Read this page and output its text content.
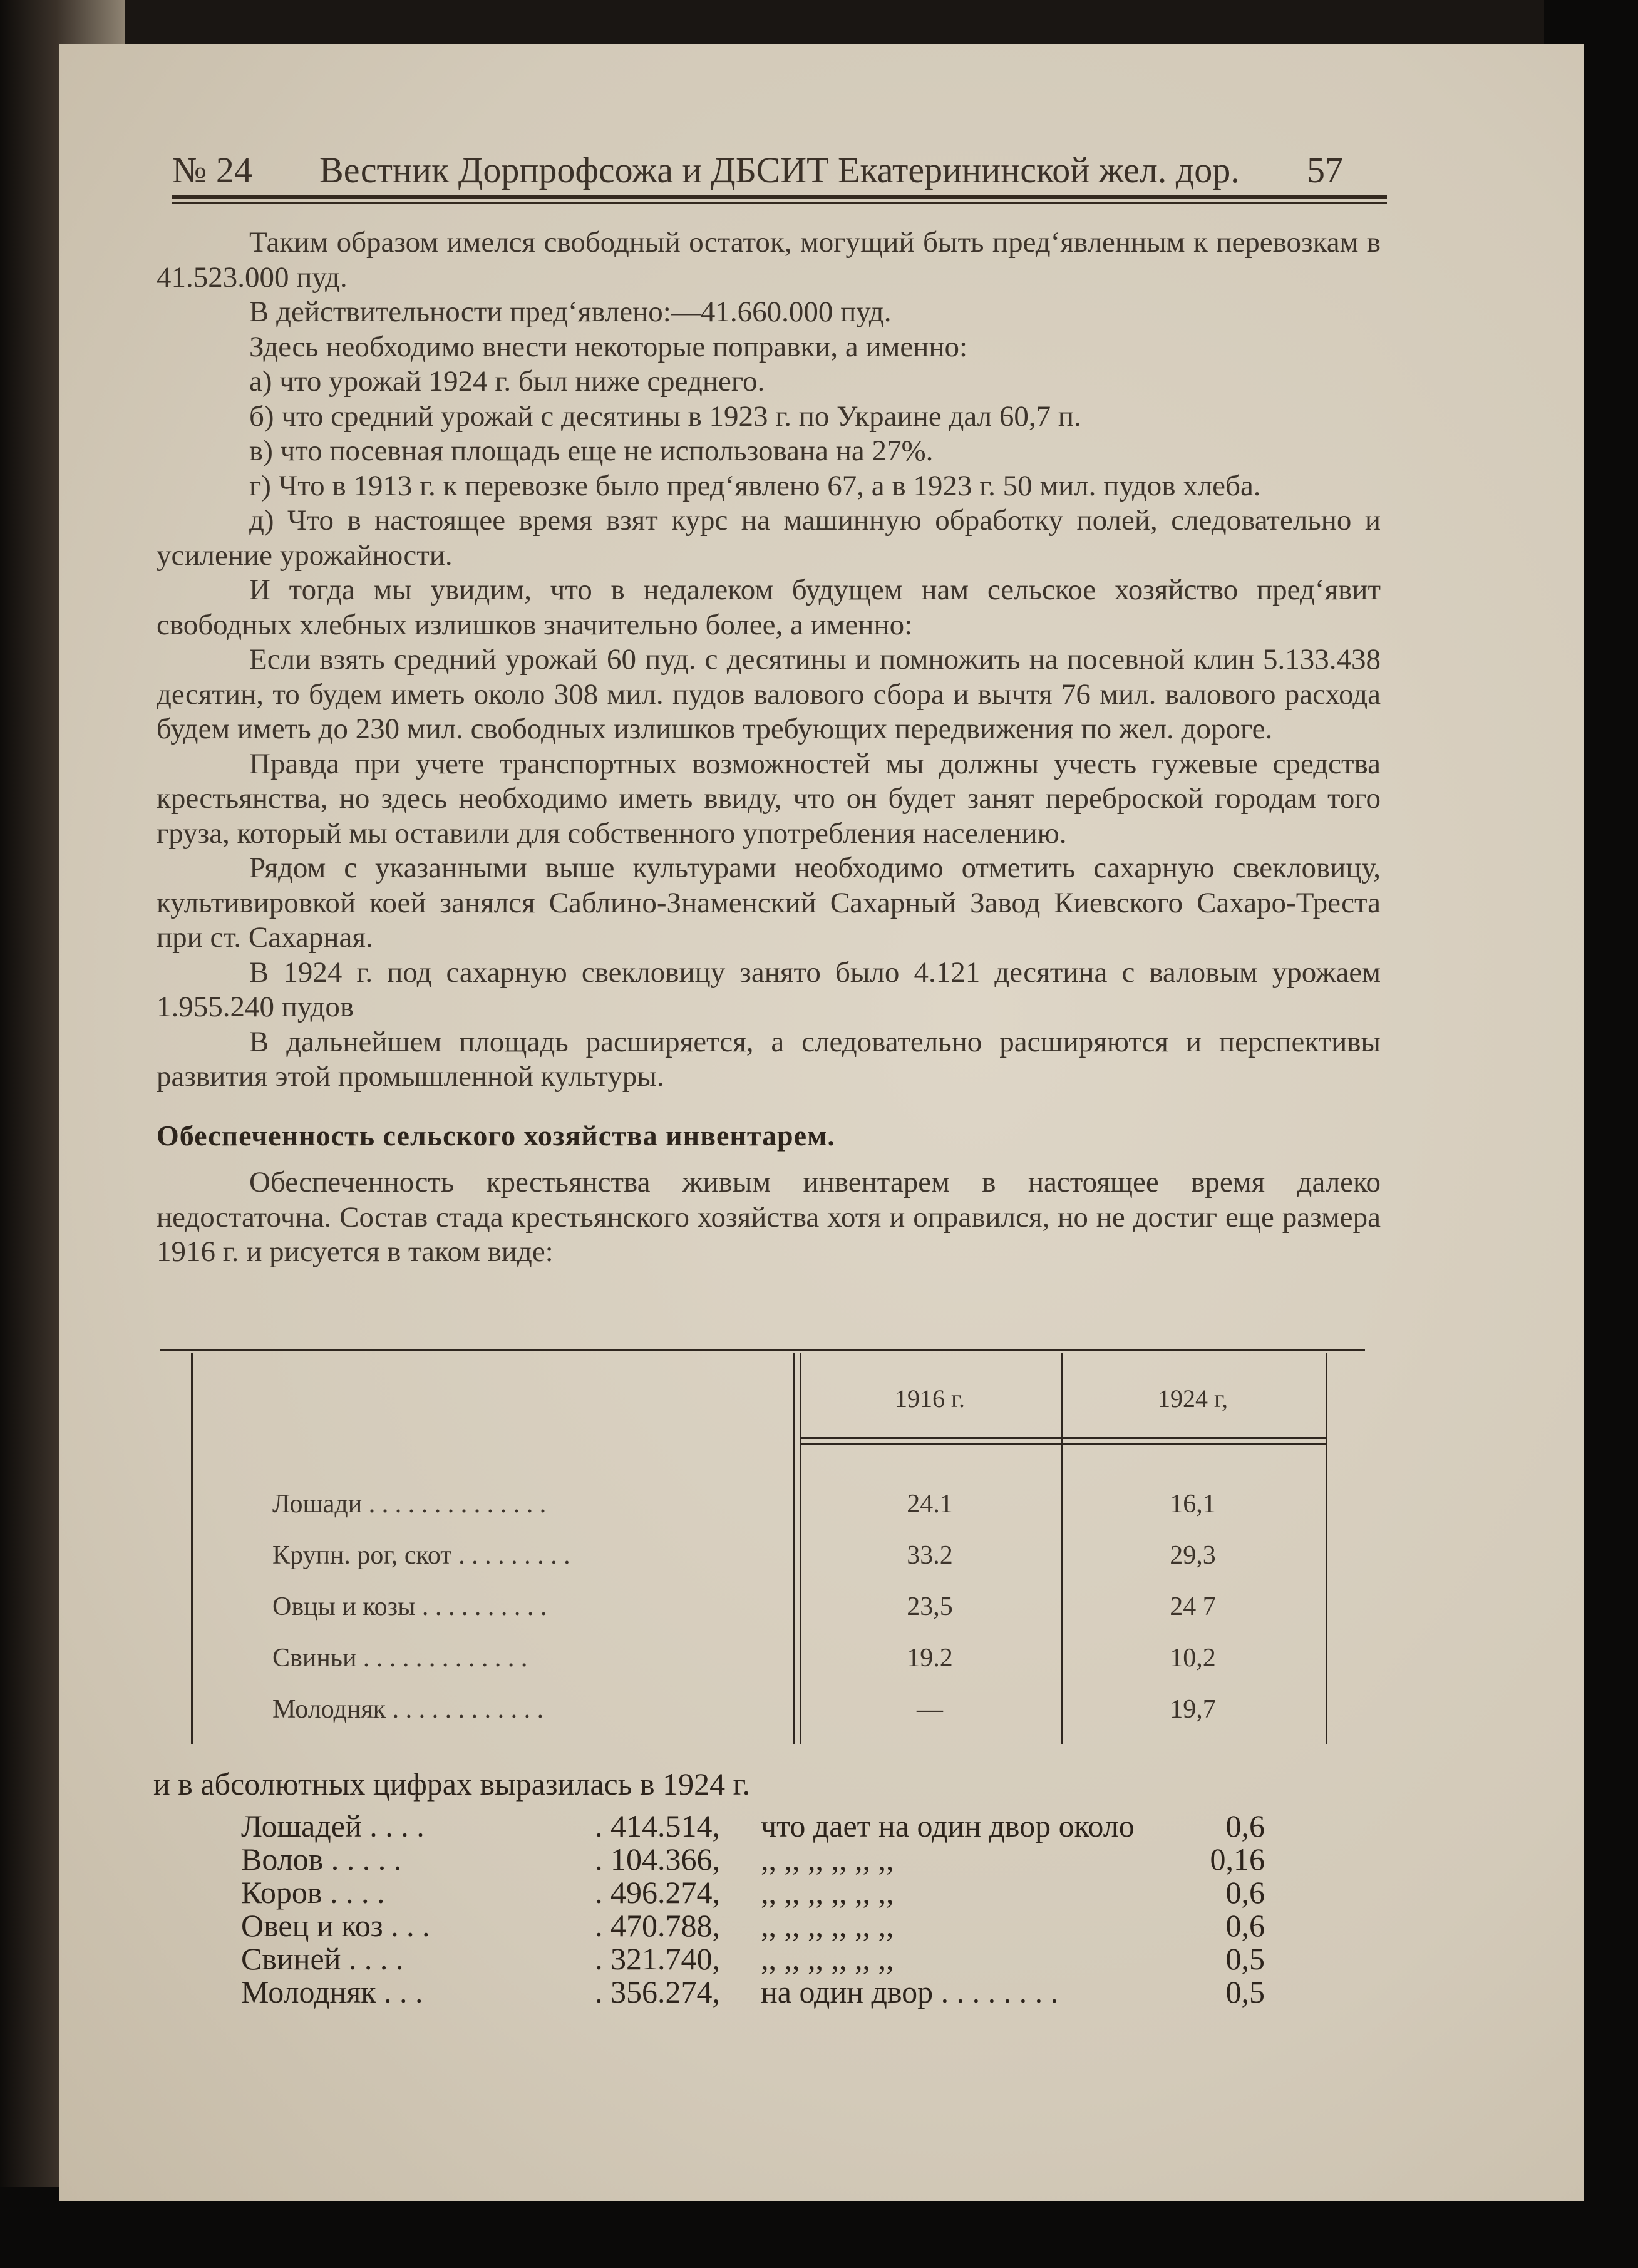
№ 24 Вестник Дорпрофсожа и ДБСИТ Екатерининской жел. дор. 57

Таким образом имелся свободный остаток, могущий быть пред‘явленным к перевозкам в 41.523.000 пуд.

В действительности пред‘явлено:—41.660.000 пуд.

Здесь необходимо внести некоторые поправки, а именно:

а) что урожай 1924 г. был ниже среднего.

б) что средний урожай с десятины в 1923 г. по Украине дал 60,7 п.

в) что посевная площадь еще не использована на 27%.

г) Что в 1913 г. к перевозке было пред‘явлено 67, а в 1923 г. 50 мил. пудов хлеба.

д) Что в настоящее время взят курс на машинную обработку полей, следовательно и усиление урожайности.

И тогда мы увидим, что в недалеком будущем нам сельское хозяйство пред‘явит свободных хлебных излишков значительно более, а именно:

Если взять средний урожай 60 пуд. с десятины и помножить на посевной клин 5.133.438 десятин, то будем иметь около 308 мил. пудов валового сбора и вычтя 76 мил. валового расхода будем иметь до 230 мил. свободных излишков требующих передвижения по жел. дороге.

Правда при учете транспортных возможностей мы должны учесть гужевые средства крестьянства, но здесь необходимо иметь ввиду, что он будет занят переброской городам того груза, который мы оставили для собственного употребления населению.

Рядом с указанными выше культурами необходимо отметить сахарную свекловицу, культивировкой коей занялся Саблино-Знаменский Сахарный Завод Киевского Сахаро-Треста при ст. Сахарная.

В 1924 г. под сахарную свекловицу занято было 4.121 десятина с валовым урожаем 1.955.240 пудов

В дальнейшем площадь расширяется, а следовательно расширяются и перспективы развития этой промышленной культуры.

Обеспеченность сельского хозяйства инвентарем.

Обеспеченность крестьянства живым инвентарем в настоящее время далеко недостаточна. Состав стада крестьянского хозяйства хотя и оправился, но не достиг еще размера 1916 г. и рисуется в таком виде:

1916 г.	1924 г,
Лошади . . . . . . . . . . . . . .	24.1	16,1
Крупн. рог, скот . . . . . . . . .	33.2	29,3
Овцы и козы . . . . . . . . . .	23,5	24 7
Свиньи . . . . . . . . . . . . .	19.2	10,2
Молодняк . . . . . . . . . . . .	—	19,7
и в абсолютных цифрах выразилась в 1924 г.
Лошадей . . . .	. 414.514, что дает на один двор около	0,6
Волов . . . . .	. 104.366, ,, ,, ,, ,, ,, ,,	0,16
Коров . . . .	. 496.274, ,, ,, ,, ,, ,, ,,	0,6
Овец и коз . . .	. 470.788, ,, ,, ,, ,, ,, ,,	0,6
Свиней . . . .	. 321.740, ,, ,, ,, ,, ,, ,,	0,5
Молодняк . . .	. 356.274, на один двор . . . . . . . .	0,5
